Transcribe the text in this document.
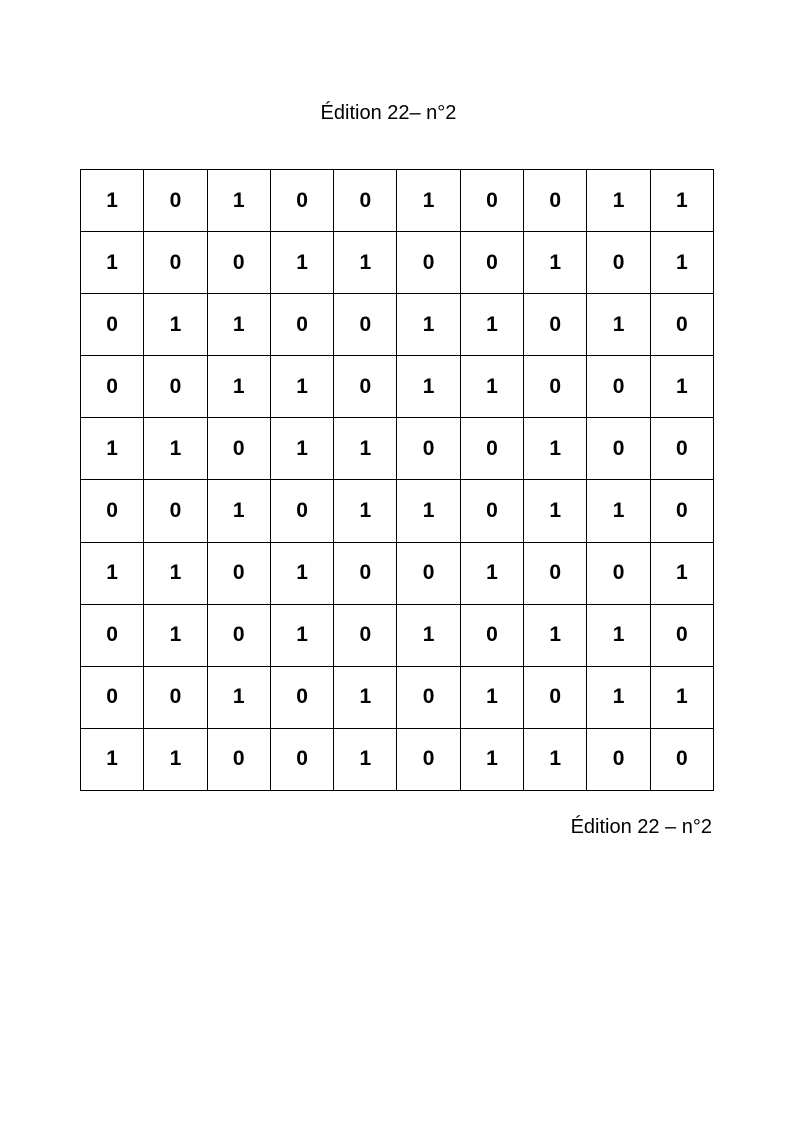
Édition 22– n°2
1	0	1	0	0	1	0	0	1	1
1	0	0	1	1	0	0	1	0	1
0	1	1	0	0	1	1	0	1	0
0	0	1	1	0	1	1	0	0	1
1	1	0	1	1	0	0	1	0	0
0	0	1	0	1	1	0	1	1	0
1	1	0	1	0	0	1	0	0	1
0	1	0	1	0	1	0	1	1	0
0	0	1	0	1	0	1	0	1	1
1	1	0	0	1	0	1	1	0	0
Édition 22 – n°2
